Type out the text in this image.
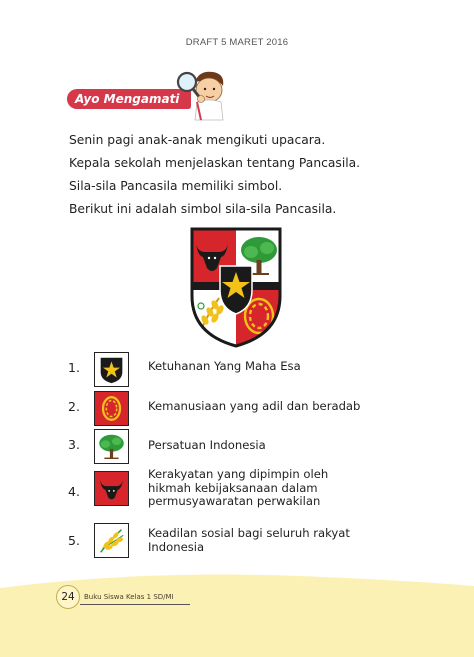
DRAFT 5 MARET 2016
Ayo Mengamati
Senin pagi anak-anak mengikuti upacara.
Kepala sekolah menjelaskan tentang Pancasila.
Sila-sila Pancasila memiliki simbol.
Berikut ini adalah simbol sila-sila Pancasila.
1.	Ketuhanan Yang Maha Esa
2.	Kemanusiaan yang adil dan beradab
3.	Persatuan Indonesia
4.
Kerakyatan yang dipimpin oleh
hikmah kebijaksanaan dalam
permusyawaratan perwakilan
5.	Keadilan sosial bagi seluruh rakyat
Indonesia
24	Buku Siswa Kelas 1 SD/MI
